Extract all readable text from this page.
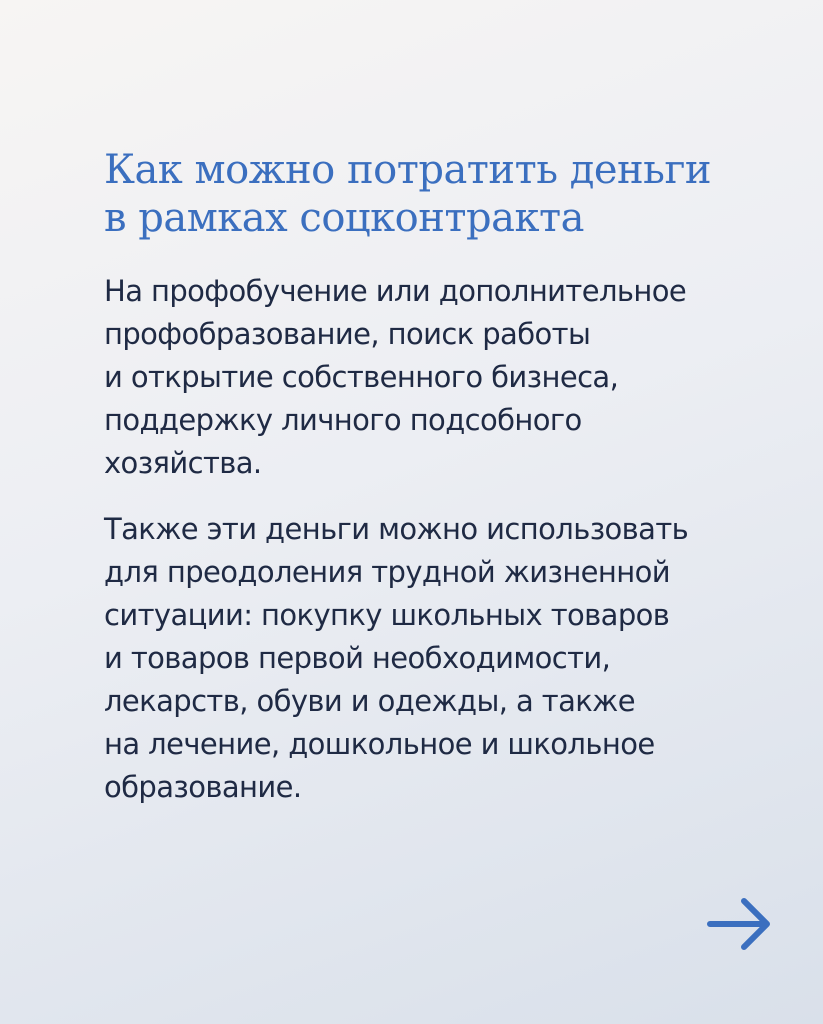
Как можно потратить деньги
в рамках соцконтракта

На профобучение или дополнительное
профобразование, поиск работы
и открытие собственного бизнеса,
поддержку личного подсобного
хозяйства.

Также эти деньги можно использовать
для преодоления трудной жизненной
ситуации: покупку школьных товаров
и товаров первой необходимости,
лекарств, обуви и одежды, а также
на лечение, дошкольное и школьное
образование.
